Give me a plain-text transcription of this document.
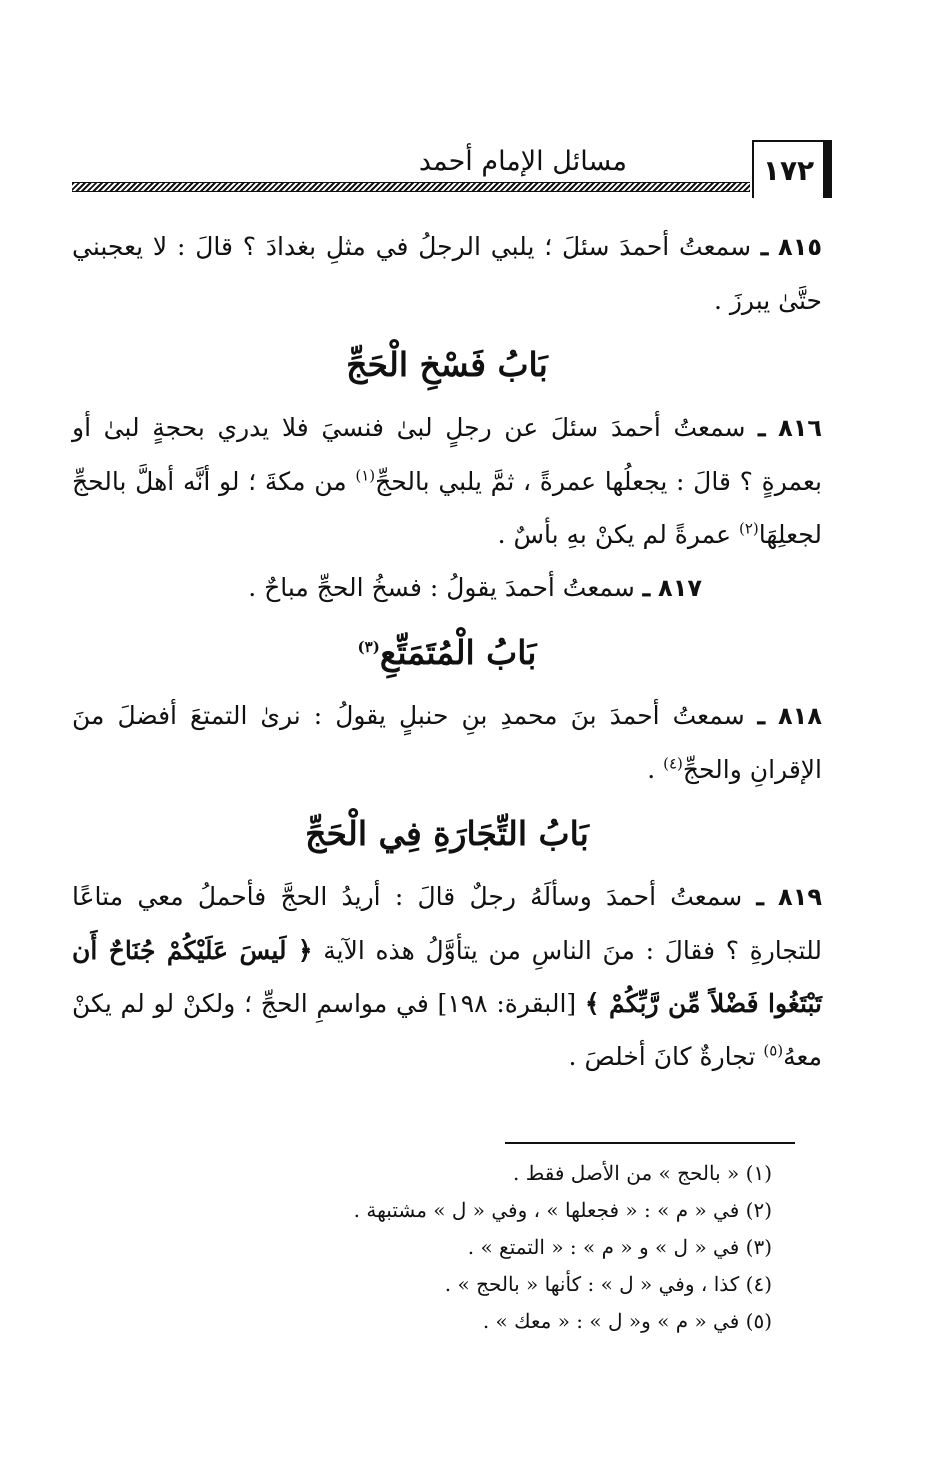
مسائل الإمام أحمد	١٧٢

٨١٥ ـ سمعتُ أحمدَ سئلَ ؛ يلبي الرجلُ في مثلِ بغدادَ ؟ قالَ : لا يعجبني حتَّىٰ يبرزَ .

بَابُ فَسْخِ الْحَجِّ

٨١٦ ـ سمعتُ أحمدَ سئلَ عن رجلٍ لبىٰ فنسيَ فلا يدري بحجةٍ لبىٰ أو بعمرةٍ ؟ قالَ : يجعلُها عمرةً ، ثمَّ يلبي بالحجِّ$^{(١)}$ من مكةَ ؛ لو أنَّه أهلَّ بالحجِّ لجعلِهَا$^{(٢)}$ عمرةً لم يكنْ بهِ بأسٌ .

٨١٧ ـ سمعتُ أحمدَ يقولُ : فسخُ الحجِّ مباحٌ .

بَابُ الْمُتَمَتِّعِ$^{(٣)}$

٨١٨ ـ سمعتُ أحمدَ بنَ محمدِ بنِ حنبلٍ يقولُ : نرىٰ التمتعَ أفضلَ منَ الإقرانِ والحجِّ$^{(٤)}$ .

بَابُ التِّجَارَةِ فِي الْحَجِّ

٨١٩ ـ سمعتُ أحمدَ وسألَهُ رجلٌ قالَ : أريدُ الحجَّ فأحملُ معي متاعًا للتجارةِ ؟ فقالَ : منَ الناسِ من يتأوَّلُ هذه الآية ﴿ لَيسَ عَلَيْكُمْ جُنَاحٌ أَن تَبْتَغُوا فَضْلاً مِّن رَّبِّكُمْ ﴾ [البقرة: ١٩٨] في مواسمِ الحجِّ ؛ ولكنْ لو لم يكنْ معهُ$^{(٥)}$ تجارةٌ كانَ أخلصَ .

(١) « بالحج » من الأصل فقط .
(٢) في « م » : « فجعلها » ، وفي « ل » مشتبهة .
(٣) في « ل » و « م » : « التمتع » .
(٤) كذا ، وفي « ل » : كأنها « بالحج » .
(٥) في « م » و« ل » : « معك » .
